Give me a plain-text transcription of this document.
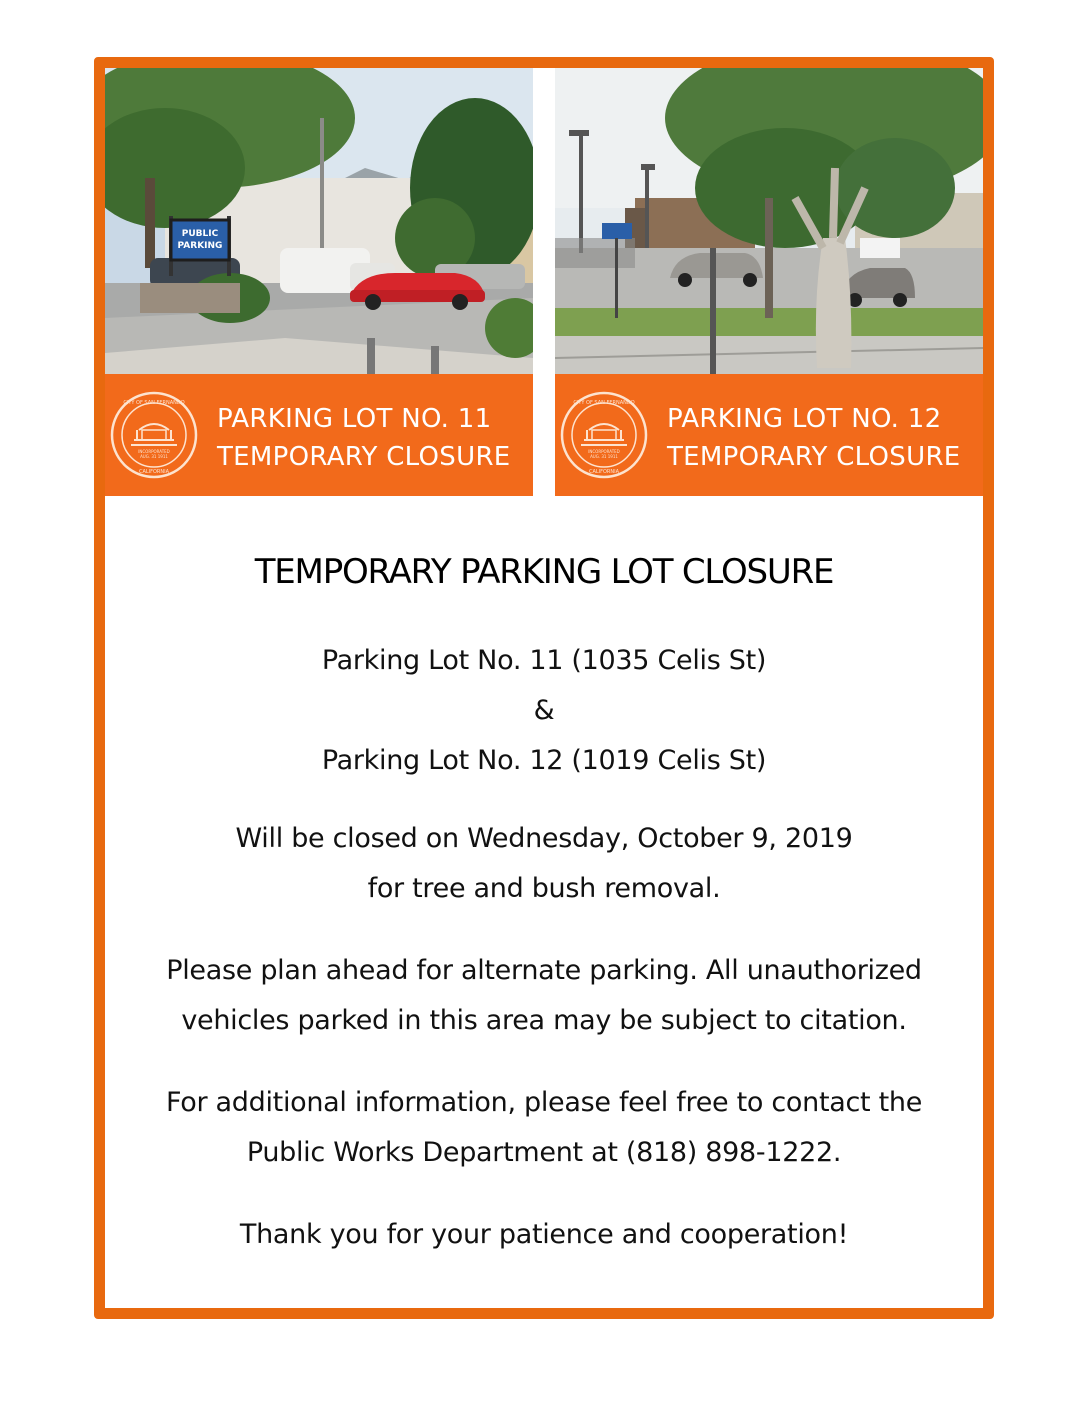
PUBLIC
PARKING
INCORPORATED
AUG. 31 1911
CITY OF SAN FERNANDO
CALIFORNIA
PARKING LOT NO. 11
TEMPORARY CLOSURE	INCORPORATED
AUG. 31 1911
CITY OF SAN FERNANDO
CALIFORNIA
PARKING LOT NO. 12
TEMPORARY CLOSURE
TEMPORARY PARKING LOT CLOSURE
Parking Lot No. 11 (1035 Celis St)
&
Parking Lot No. 12 (1019 Celis St)
Will be closed on Wednesday, October 9, 2019
for tree and bush removal.
Please plan ahead for alternate parking. All unauthorized
vehicles parked in this area may be subject to citation.
For additional information, please feel free to contact the
Public Works Department at (818) 898-1222.
Thank you for your patience and cooperation!
